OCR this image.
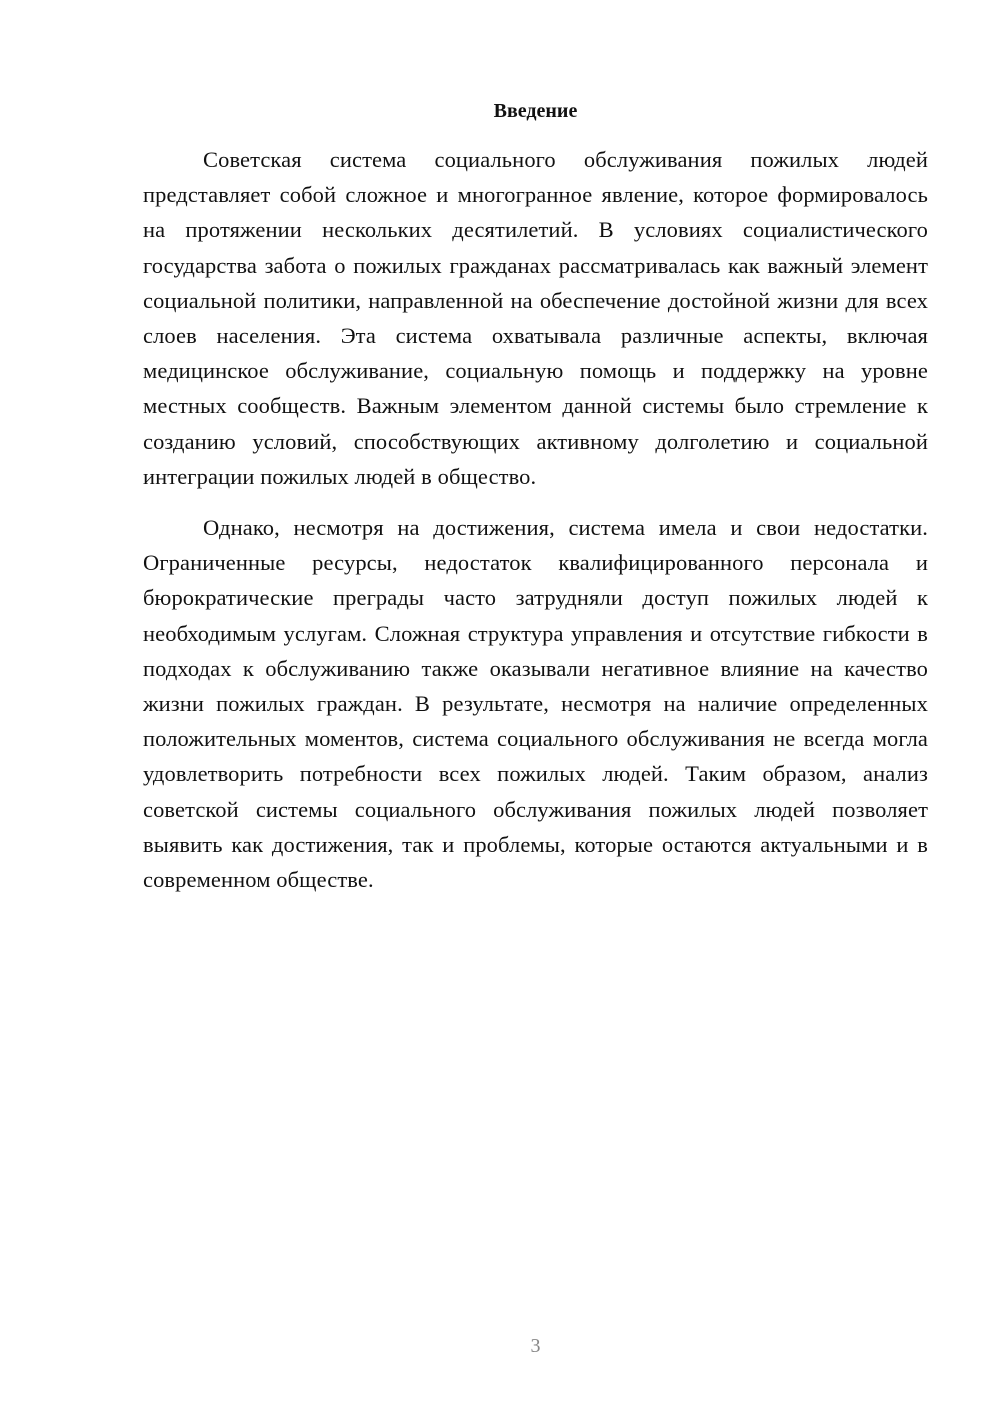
Введение

Советская система социального обслуживания пожилых людей представляет собой сложное и многогранное явление, которое формировалось на протяжении нескольких десятилетий. В условиях социалистического государства забота о пожилых гражданах рассматривалась как важный элемент социальной политики, направленной на обеспечение достойной жизни для всех слоев населения. Эта система охватывала различные аспекты, включая медицинское обслуживание, социальную помощь и поддержку на уровне местных сообществ. Важным элементом данной системы было стремление к созданию условий, способствующих активному долголетию и социальной интеграции пожилых людей в общество.

Однако, несмотря на достижения, система имела и свои недостатки. Ограниченные ресурсы, недостаток квалифицированного персонала и бюрократические преграды часто затрудняли доступ пожилых людей к необходимым услугам. Сложная структура управления и отсутствие гибкости в подходах к обслуживанию также оказывали негативное влияние на качество жизни пожилых граждан. В результате, несмотря на наличие определенных положительных моментов, система социального обслуживания не всегда могла удовлетворить потребности всех пожилых людей. Таким образом, анализ советской системы социального обслуживания пожилых людей позволяет выявить как достижения, так и проблемы, которые остаются актуальными и в современном обществе.

3
